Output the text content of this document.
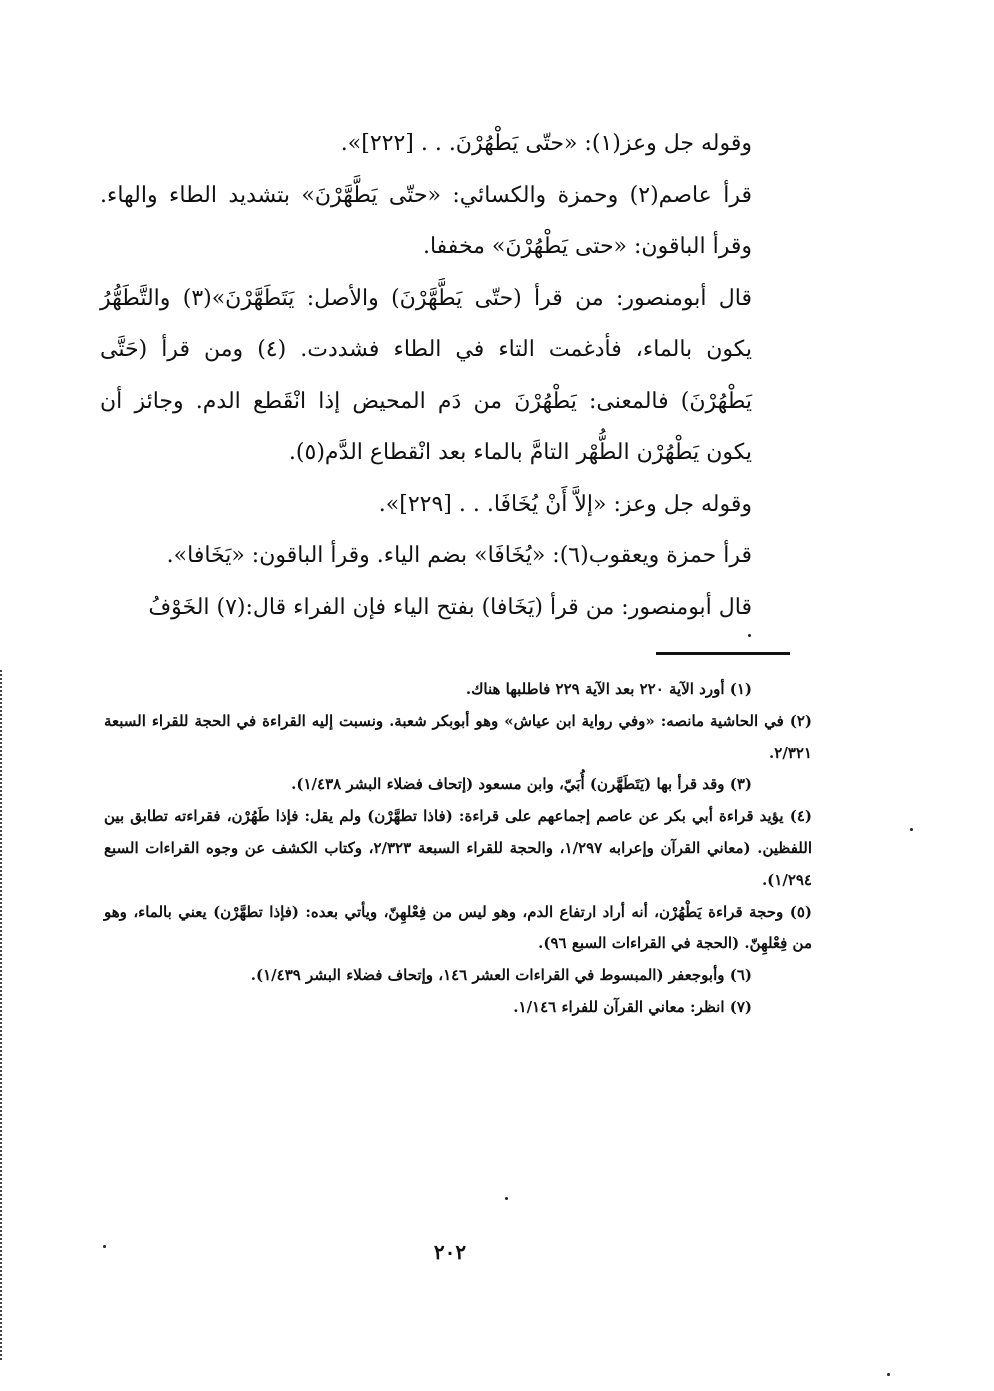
وقوله جل وعز(١): «حتّى يَطْهُرْنَ. . . [٢٢٢]».

قرأ عاصم(٢) وحمزة والكسائي: «حتّى يَطَّهَّرْنَ» بتشديد الطاء والهاء. وقرأ الباقون: «حتى يَطْهُرْنَ» مخففا.

قال أبومنصور: من قرأ (حتّى يَطَّهَّرْنَ) والأصل: يَتَطَهَّرْنَ»(٣) والتَّطَهُّرُ يكون بالماء، فأدغمت التاء في الطاء فشددت. (٤) ومن قرأ (حَتَّى يَطْهُرْنَ) فالمعنى: يَطْهُرْنَ من دَم المحيض إذا انْقَطع الدم. وجائز أن يكون يَطْهُرْن الطُّهْر التامَّ بالماء بعد انْقطاع الدَّم(٥).

وقوله جل وعز: «إلاَّ أَنْ يُخَافَا. . . [٢٢٩]».

قرأ حمزة ويعقوب(٦): «يُخَافَا» بضم الياء. وقرأ الباقون: «يَخَافا».

قال أبومنصور: من قرأ (يَخَافا) بفتح الياء فإن الفراء قال:(٧) الخَوْفُ

(١) أورد الآية ٢٢٠ بعد الآية ٢٢٩ فاطلبها هناك.

(٢) في الحاشية مانصه: «وفي رواية ابن عياش» وهو أبوبكر شعبة. ونسبت إليه القراءة في الحجة للقراء السبعة ٢/٣٢١.

(٣) وقد قرأ بها (يَتَطَهَّرن) أُبَيّ، وابن مسعود (إتحاف فضلاء البشر ١/٤٣٨).

(٤) يؤيد قراءة أبي بكر عن عاصم إجماعهم على قراءة: (فاذا تطهَّرْن) ولم يقل: فإذا طَهُرْن، فقراءته تطابق بين اللفظين. (معاني القرآن وإعرابه ١/٢٩٧، والحجة للقراء السبعة ٢/٣٢٣، وكتاب الكشف عن وجوه القراءات السبع ١/٢٩٤).

(٥) وحجة قراءة يَطْهُرْن، أنه أراد ارتفاع الدم، وهو ليس من فِعْلهِنّ، ويأتي بعده: (فإذا تطهَّرْن) يعني بالماء، وهو من فِعْلهِنّ. (الحجة في القراءات السبع ٩٦).

(٦) وأبوجعفر (المبسوط في القراءات العشر ١٤٦، وإتحاف فضلاء البشر ١/٤٣٩).

(٧) انظر: معاني القرآن للفراء ١/١٤٦.

٢٠٢
